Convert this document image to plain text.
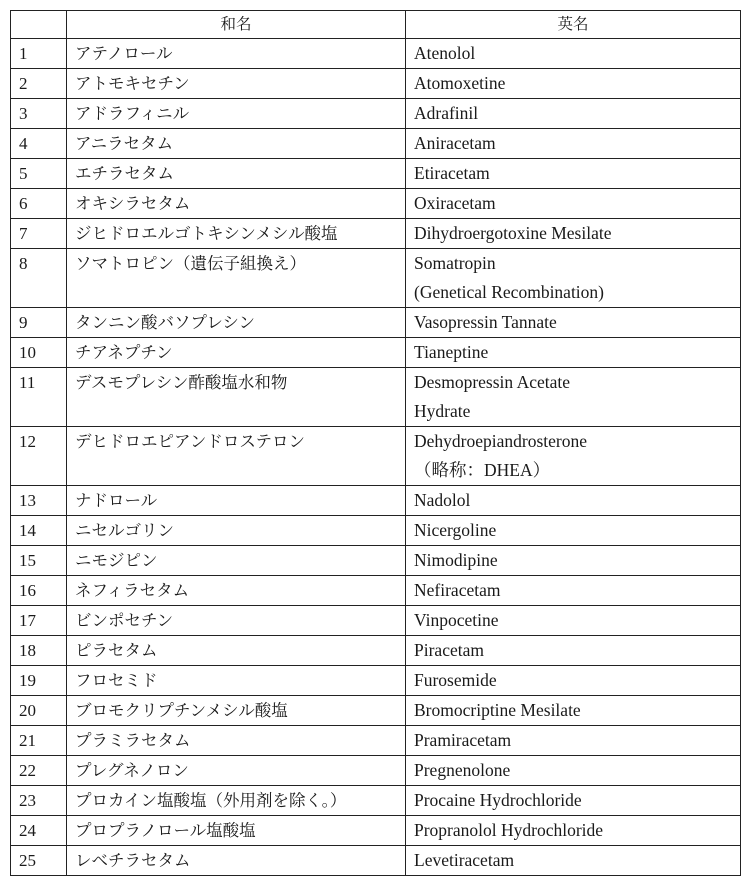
	和名	英名
1	アテノロール	Atenolol

2	アトモキセチン	Atomoxetine

3	アドラフィニル	Adrafinil

4	アニラセタム	Aniracetam

5	エチラセタム	Etiracetam

6	オキシラセタム	Oxiracetam

7	ジヒドロエルゴトキシンメシル酸塩	Dihydroergotoxine Mesilate

8	ソマトロピン（遺伝子組換え）	Somatropin
(Genetical Recombination)

9	タンニン酸バソプレシン	Vasopressin Tannate

10	チアネプチン	Tianeptine

11	デスモプレシン酢酸塩水和物	Desmopressin Acetate
Hydrate

12	デヒドロエピアンドロステロン	Dehydroepiandrosterone
（略称：DHEA）

13	ナドロール	Nadolol

14	ニセルゴリン	Nicergoline

15	ニモジピン	Nimodipine

16	ネフィラセタム	Nefiracetam

17	ビンポセチン	Vinpocetine

18	ピラセタム	Piracetam

19	フロセミド	Furosemide

20	ブロモクリプチンメシル酸塩	Bromocriptine Mesilate

21	プラミラセタム	Pramiracetam

22	プレグネノロン	Pregnenolone

23	プロカイン塩酸塩（外用剤を除く。）	Procaine Hydrochloride

24	プロプラノロール塩酸塩	Propranolol Hydrochloride

25	レベチラセタム	Levetiracetam
